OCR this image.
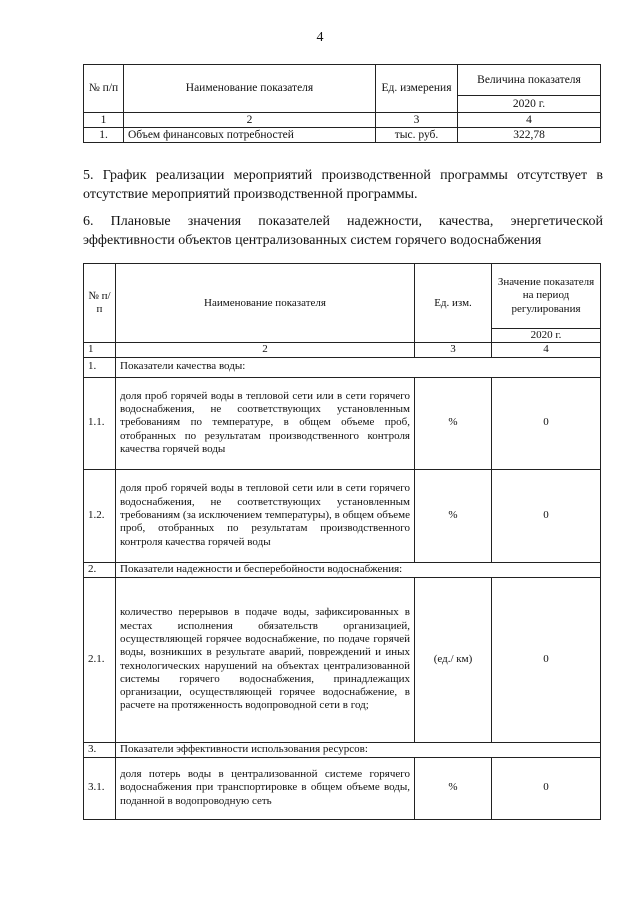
4
№ п/п	Наименование показателя	Ед. измерения	Величина показателя
			2020 г.
1	2	3	4
1.	Объем финансовых потребностей	тыс. руб.	322,78
5. График реализации мероприятий производственной программы отсутствует в отсутствие мероприятий производственной программы.
6. Плановые значения показателей надежности, качества, энергетической эффективности объектов централизованных систем горячего водоснабжения
№ п/п	Наименование показателя	Ед. изм.	Значение показателя на период регулирования
			2020 г.
1	2	3	4
1.	Показатели качества воды:		
1.1.	доля проб горячей воды в тепловой сети или в сети горячего водоснабжения, не соответствующих установленным требованиям по температуре, в общем объеме проб, отобранных по результатам производственного контроля качества горячей воды	%	0
1.2.	доля проб горячей воды в тепловой сети или в сети горячего водоснабжения, не соответствующих установленным требованиям (за исключением температуры), в общем объеме проб, отобранных по результатам производственного контроля качества горячей воды	%	0
2.	Показатели надежности и бесперебойности водоснабжения:		
2.1.	количество перерывов в подаче воды, зафиксированных в местах исполнения обязательств организацией, осуществляющей горячее водоснабжение, по подаче горячей воды, возникших в результате аварий, повреждений и иных технологических нарушений на объектах централизованной системы горячего водоснабжения, принадлежащих организации, осуществляющей горячее водоснабжение, в расчете на протяженность водопроводной сети в год;	(ед./ км)	0
3.	Показатели эффективности использования ресурсов:		
3.1.	доля потерь воды в централизованной системе горячего водоснабжения при транспортировке в общем объеме воды, поданной в водопроводную сеть	%	0
